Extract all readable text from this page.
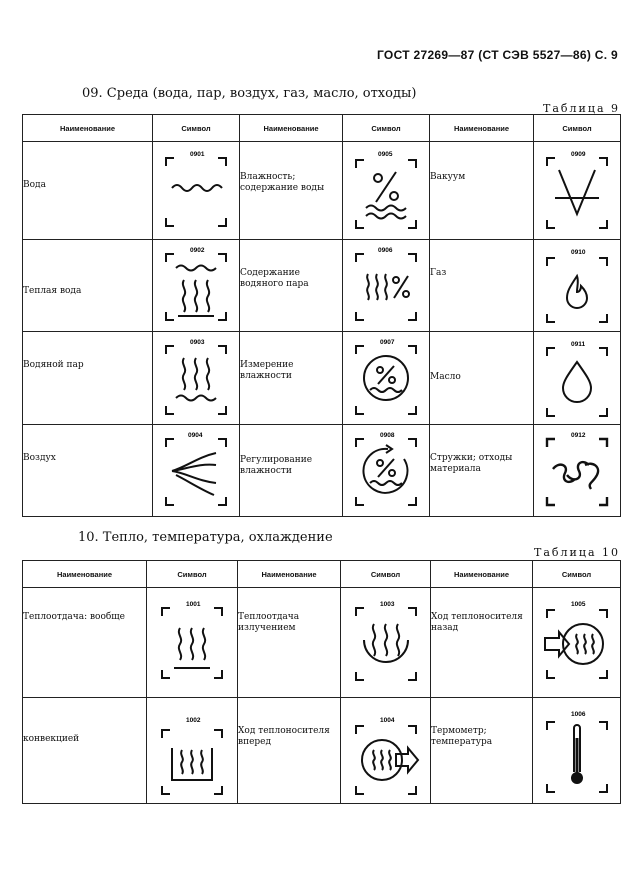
ГОСТ 27269—87 (СТ СЭВ 5527—86) С. 9
09. Среда (вода, пар, воздух, газ, масло, отходы)
Таблица 9
Наименование	Символ	Наименование	Символ	Наименование	Символ
Вода	0901	Влажность; содержание воды	0905	Вакуум	0909

Теплая вода	0902	Содержание водяного пара	0906	Газ	0910

Водяной пар	0903	Измерение влажности	0907	Масло	0911

Воздух	0904	Регулирование влажности	0908	Стружки; отходы материала	0912
10. Тепло, температура, охлаждение
Таблица 10
Наименование	Символ	Наименование	Символ	Наименование	Символ
Теплоотдача: вообще	1001	Теплоотдача излучением	1003	Ход теплоносителя назад	1005

конвекцией	1002	Ход теплоносителя вперед	1004	Термометр; температура	1006
